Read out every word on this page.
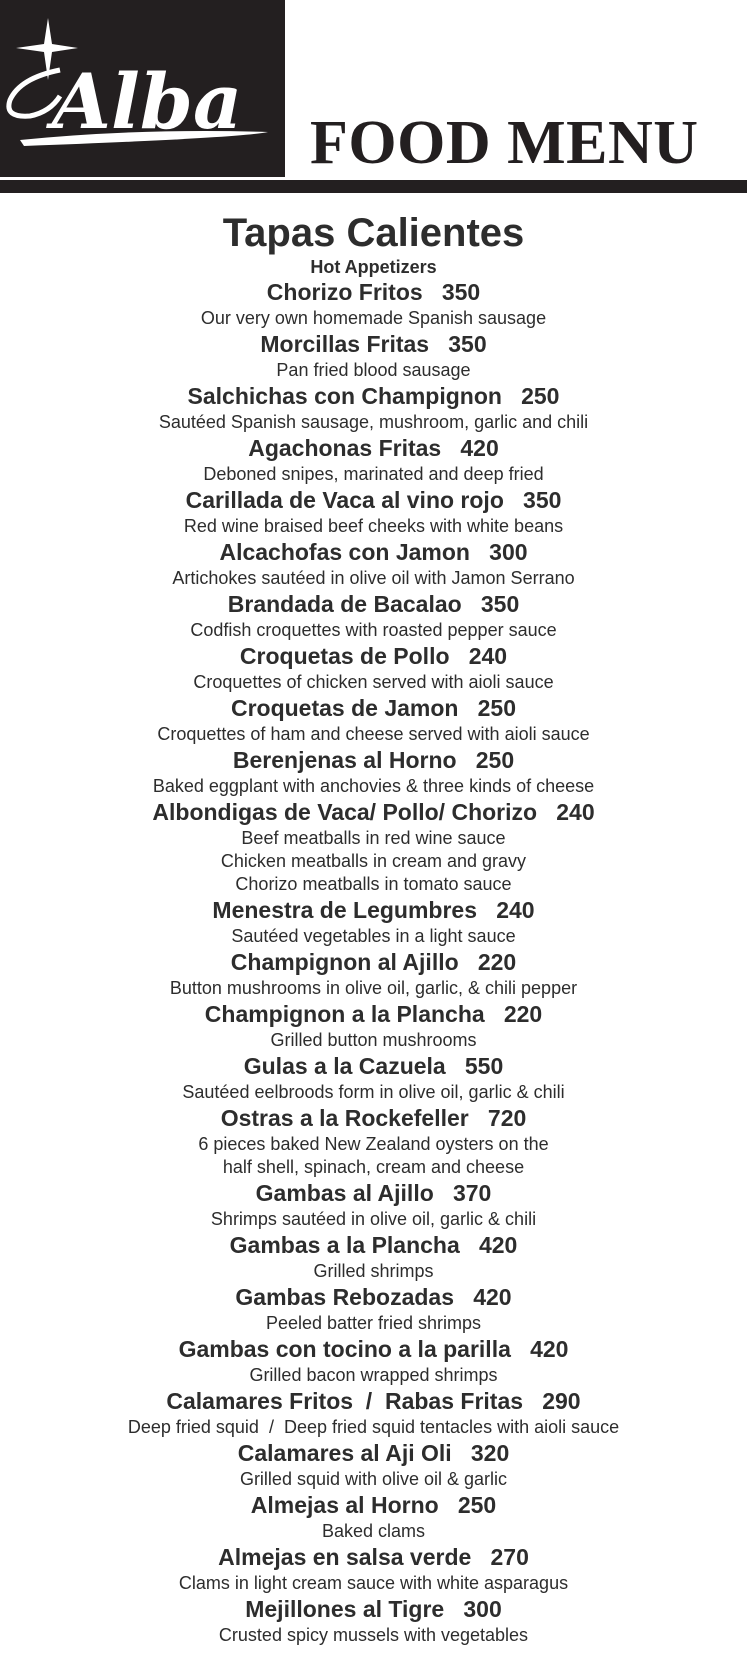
Alba FOOD MENU
Tapas Calientes
Hot Appetizers
Chorizo Fritos 350
Our very own homemade Spanish sausage
Morcillas Fritas 350
Pan fried blood sausage
Salchichas con Champignon 250
Sautéed Spanish sausage, mushroom, garlic and chili
Agachonas Fritas 420
Deboned snipes, marinated and deep fried
Carillada de Vaca al vino rojo 350
Red wine braised beef cheeks with white beans
Alcachofas con Jamon 300
Artichokes sautéed in olive oil with Jamon Serrano
Brandada de Bacalao 350
Codfish croquettes with roasted pepper sauce
Croquetas de Pollo 240
Croquettes of chicken served with aioli sauce
Croquetas de Jamon 250
Croquettes of ham and cheese served with aioli sauce
Berenjenas al Horno 250
Baked eggplant with anchovies & three kinds of cheese
Albondigas de Vaca/ Pollo/ Chorizo 240
Beef meatballs in red wine sauce
Chicken meatballs in cream and gravy
Chorizo meatballs in tomato sauce
Menestra de Legumbres 240
Sautéed vegetables in a light sauce
Champignon al Ajillo 220
Button mushrooms in olive oil, garlic, & chili pepper
Champignon a la Plancha 220
Grilled button mushrooms
Gulas a la Cazuela 550
Sautéed eelbroods form in olive oil, garlic & chili
Ostras a la Rockefeller 720
6 pieces baked New Zealand oysters on the
half shell, spinach, cream and cheese
Gambas al Ajillo 370
Shrimps sautéed in olive oil, garlic & chili
Gambas a la Plancha 420
Grilled shrimps
Gambas Rebozadas 420
Peeled batter fried shrimps
Gambas con tocino a la parilla 420
Grilled bacon wrapped shrimps
Calamares Fritos  /  Rabas Fritas 290
Deep fried squid  /  Deep fried squid tentacles with aioli sauce
Calamares al Aji Oli 320
Grilled squid with olive oil & garlic
Almejas al Horno 250
Baked clams
Almejas en salsa verde 270
Clams in light cream sauce with white asparagus
Mejillones al Tigre 300
Crusted spicy mussels with vegetables
